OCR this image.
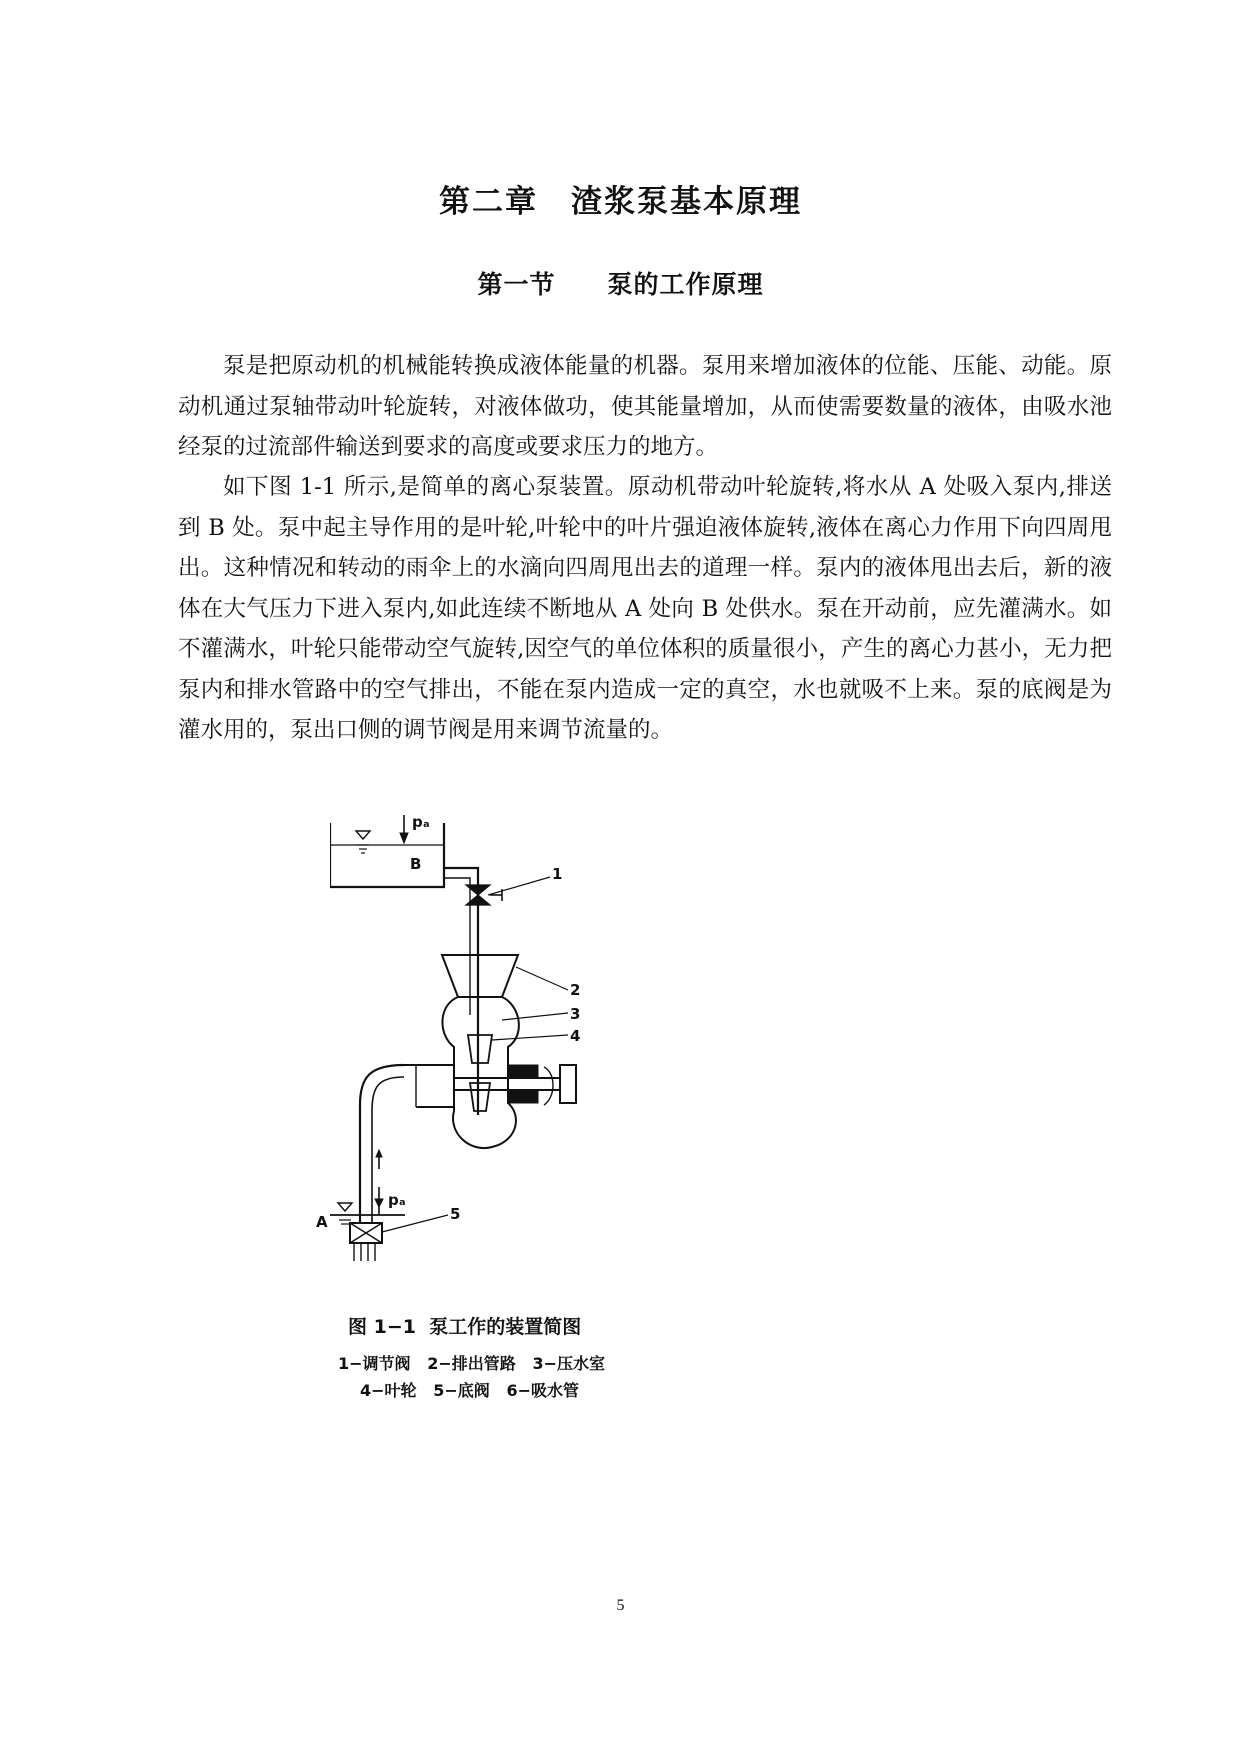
第二章　渣浆泵基本原理
第一节　　泵的工作原理

泵是把原动机的机械能转换成液体能量的机器。泵用来增加液体的位能、压能、动能。原动机通过泵轴带动叶轮旋转，对液体做功，使其能量增加，从而使需要数量的液体，由吸水池经泵的过流部件输送到要求的高度或要求压力的地方。

如下图 1-1 所示,是简单的离心泵装置。原动机带动叶轮旋转,将水从 A 处吸入泵内,排送到 B 处。泵中起主导作用的是叶轮,叶轮中的叶片强迫液体旋转,液体在离心力作用下向四周甩出。这种情况和转动的雨伞上的水滴向四周甩出去的道理一样。泵内的液体甩出去后，新的液体在大气压力下进入泵内,如此连续不断地从 A 处向 B 处供水。泵在开动前，应先灌满水。如不灌满水，叶轮只能带动空气旋转,因空气的单位体积的质量很小，产生的离心力甚小，无力把泵内和排水管路中的空气排出，不能在泵内造成一定的真空，水也就吸不上来。泵的底阀是为灌水用的，泵出口侧的调节阀是用来调节流量的。

pₐ
B
1
2
3
4
pₐ
A	5

图 1−1  泵工作的装置简图

1−调节阀   2−排出管路   3−压水室

4−叶轮   5−底阀   6−吸水管

5
